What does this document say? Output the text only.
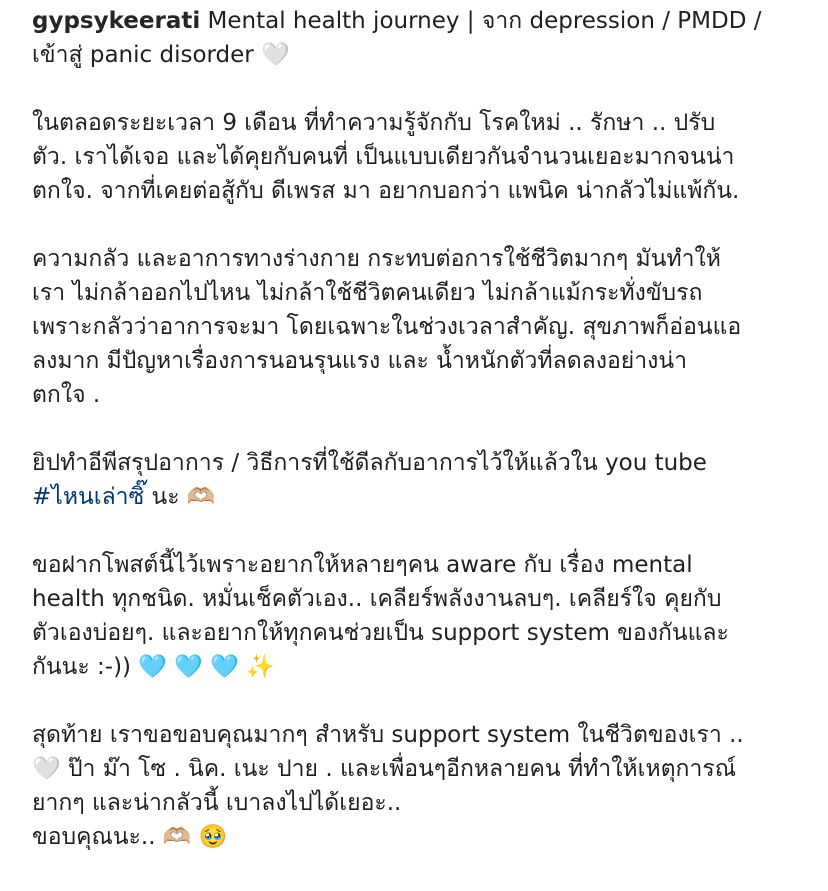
gypsykeerati Mental health journey | จาก depression / PMDD / เข้าสู่ panic disorder 🤍

ในตลอดระยะเวลา 9 เดือน ที่ทำความรู้จักกับ โรคใหม่ .. รักษา .. ปรับ
ตัว. เราได้เจอ และได้คุยกับคนที่ เป็นแบบเดียวกันจำนวนเยอะมากจนน่า
ตกใจ. จากที่เคยต่อสู้กับ ดีเพรส มา อยากบอกว่า แพนิค น่ากลัวไม่แพ้กัน.

ความกลัว และอาการทางร่างกาย กระทบต่อการใช้ชีวิตมากๆ มันทำให้
เรา ไม่กล้าออกไปไหน ไม่กล้าใช้ชีวิตคนเดียว ไม่กล้าแม้กระทั่งขับรถ
เพราะกลัวว่าอาการจะมา โดยเฉพาะในช่วงเวลาสำคัญ. สุขภาพก็อ่อนแอ
ลงมาก มีปัญหาเรื่องการนอนรุนแรง และ น้ำหนักตัวที่ลดลงอย่างน่า
ตกใจ .

ยิปทำอีพีสรุปอาการ / วิธีการที่ใช้ดีลกับอาการไว้ให้แล้วใน you tube
#ไหนเล่าซิ๊ นะ 🫶🏼

ขอฝากโพสต์นี้ไว้เพราะอยากให้หลายๆคน aware กับ เรื่อง mental
health ทุกชนิด. หมั่นเช็คตัวเอง.. เคลียร์พลังงานลบๆ. เคลียร์ใจ คุยกับ
ตัวเองบ่อยๆ. และอยากให้ทุกคนช่วยเป็น support system ของกันและ
กันนะ :-)) 🩵 🩵 🩵 ✨

สุดท้าย เราขอขอบคุณมากๆ สำหรับ support system ในชีวิตของเรา ..
🤍 ป๊า ม๊า โซ . นิค. เนะ ปาย . และเพื่อนๆอีกหลายคน ที่ทำให้เหตุการณ์
ยากๆ และน่ากลัวนี้ เบาลงไปได้เยอะ..
ขอบคุณนะ.. 🫶🏼 🥹
